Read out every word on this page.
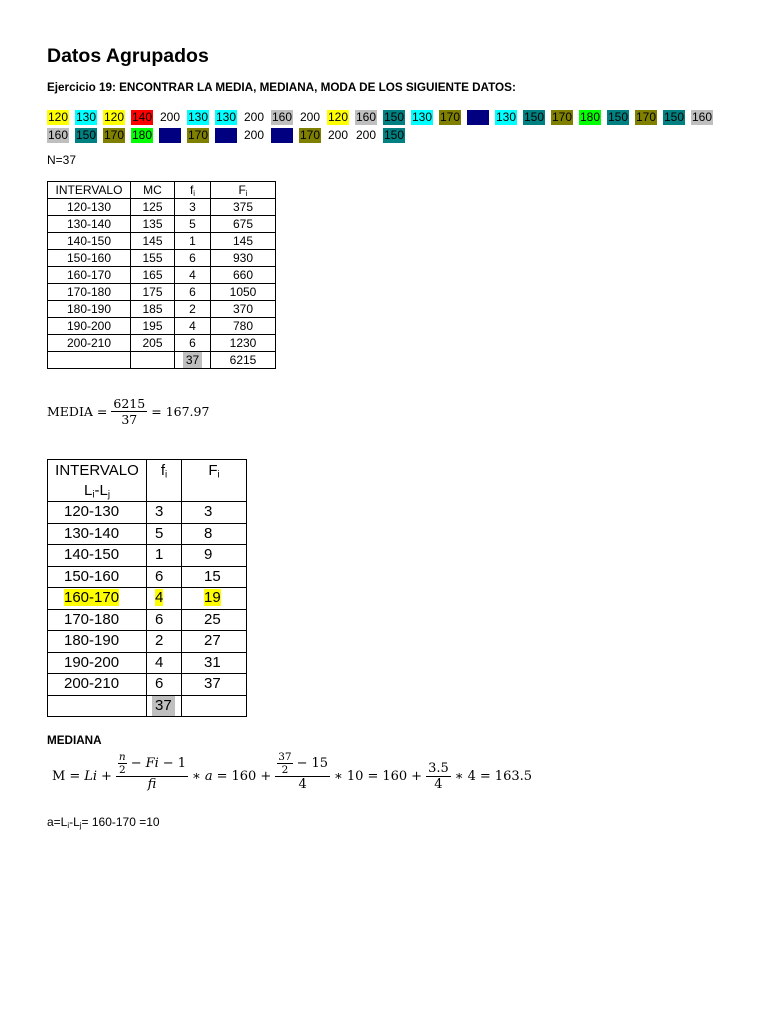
Datos Agrupados
Ejercicio 19: ENCONTRAR LA MEDIA, MEDIANA, MODA DE LOS SIGUIENTE DATOS:
120 130 120 140 200 130 130 200 160 200 120 160 150 130 170	130 150 170 180 150 170 150 160
160 150 170 180	170	200	170 200 200 150
N=37
INTERVALO	MC	$f_i$	$F_i$
120-130	125	3	375
130-140	135	5	675
140-150	145	1	145
150-160	155	6	930
160-170	165	4	660
170-180	175	6	1050
180-190	185	2	370
190-200	195	4	780
200-210	205	6	1230
		37	6215
MEDIA = $\frac{6215}{37} = 167.97$
INTERVALO
$L_i-L_j$	$f_i$	$F_i$
120-130	3	3
130-140	5	8
140-150	1	9
150-160	6	15
160-170	4	19
170-180	6	25
180-190	2	27
190-200	4	31
200-210	6	37
	37	
MEDIANA
$M = Li + \frac{\frac{n}{2} - Fi - 1}{fi}$ ∗ $a = 160 + \frac{\frac{37}{2} - 15}{4}$ ∗ $10 = 160 + \frac{3.5}{4}$ ∗ 4 = 163.5
$a=L_i-L_j= 160-170 =10$
